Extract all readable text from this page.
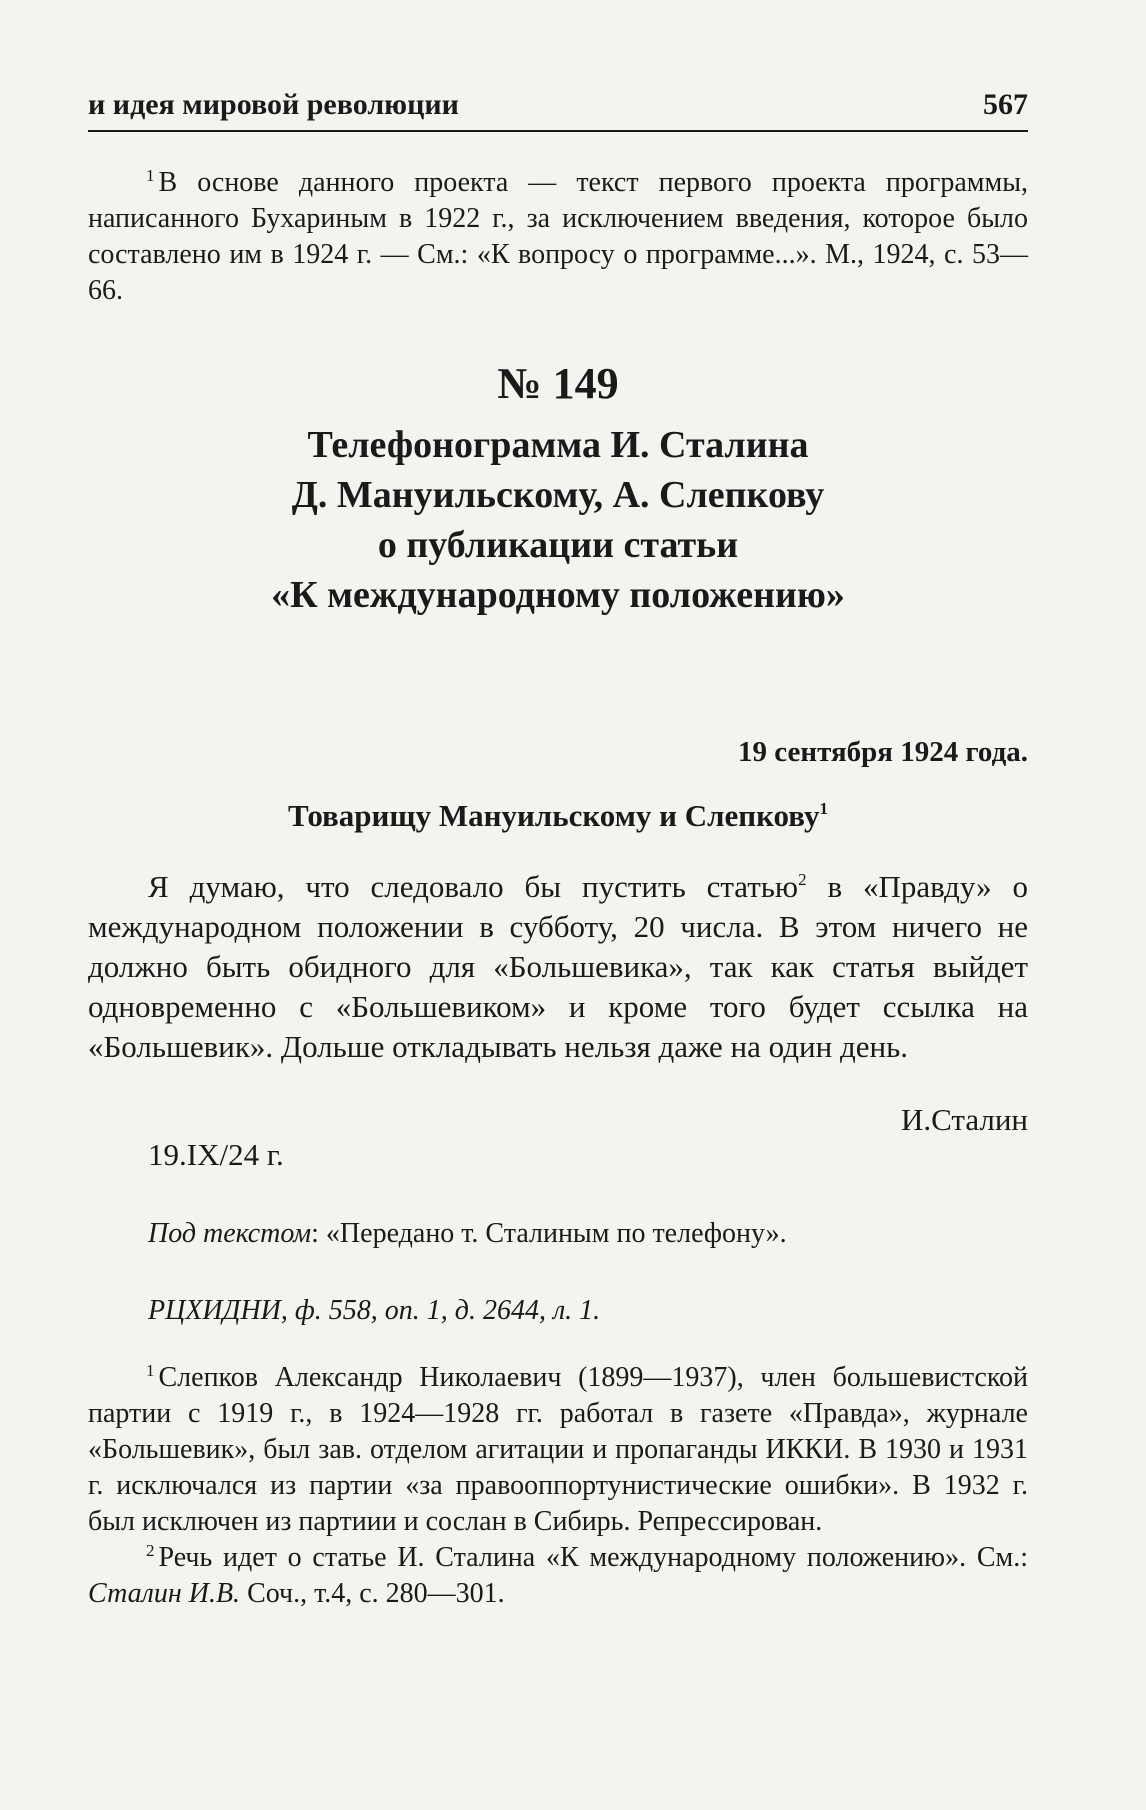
и идея мировой революции	567
$^1$ В основе данного проекта — текст первого проекта программы, написанного Бухариным в 1922 г., за исключением введения, которое было составлено им в 1924 г. — См.: «К вопросу о программе...». М., 1924, с. 53—66.
№ 149
Телефонограмма И. Сталина
Д. Мануильскому, А. Слепкову
о публикации статьи
«К международному положению»
19 сентября 1924 года.
Товарищу Мануильскому и Слепкову$^1$
Я думаю, что следовало бы пустить статью$^2$ в «Правду» о международном положении в субботу, 20 числа. В этом ничего не должно быть обидного для «Большевика», так как статья выйдет одновременно с «Большевиком» и кроме того будет ссылка на «Большевик». Дольше откладывать нельзя даже на один день.
И.Сталин
19.IX/24 г.
Под текстом: «Передано т. Сталиным по телефону».
РЦХИДНИ, ф. 558, оп. 1, д. 2644, л. 1.
$^1$ Слепков Александр Николаевич (1899—1937), член большевистской партии с 1919 г., в 1924—1928 гг. работал в газете «Правда», журнале «Большевик», был зав. отделом агитации и пропаганды ИККИ. В 1930 и 1931 г. исключался из партии «за правооппортунистические ошибки». В 1932 г. был исключен из партиии и сослан в Сибирь. Репрессирован.
$^2$ Речь идет о статье И. Сталина «К международному положению». См.: Сталин И.В. Соч., т.4, с. 280—301.
